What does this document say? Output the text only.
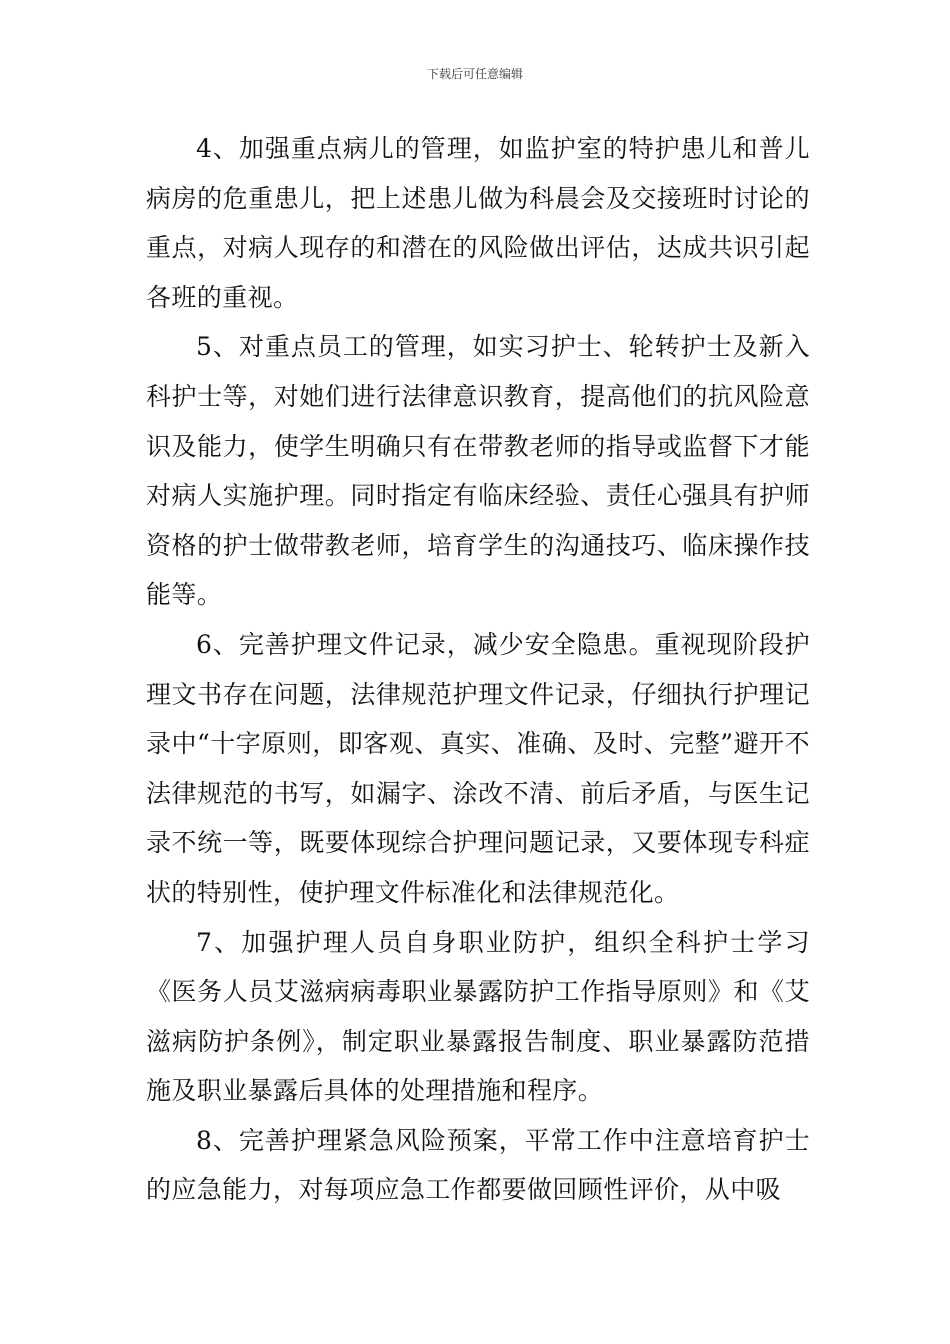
下载后可任意编辑

4、加强重点病儿的管理，如监护室的特护患儿和普儿病房的危重患儿，把上述患儿做为科晨会及交接班时讨论的重点，对病人现存的和潜在的风险做出评估，达成共识引起各班的重视。

5、对重点员工的管理，如实习护士、轮转护士及新入科护士等，对她们进行法律意识教育，提高他们的抗风险意识及能力，使学生明确只有在带教老师的指导或监督下才能对病人实施护理。同时指定有临床经验、责任心强具有护师资格的护士做带教老师，培育学生的沟通技巧、临床操作技能等。

6、完善护理文件记录，减少安全隐患。重视现阶段护理文书存在问题，法律规范护理文件记录，仔细执行护理记录中“十字原则，即客观、真实、准确、及时、完整”避开不法律规范的书写，如漏字、涂改不清、前后矛盾，与医生记录不统一等，既要体现综合护理问题记录，又要体现专科症状的特别性，使护理文件标准化和法律规范化。

7、加强护理人员自身职业防护，组织全科护士学习《医务人员艾滋病病毒职业暴露防护工作指导原则》和《艾滋病防护条例》，制定职业暴露报告制度、职业暴露防范措施及职业暴露后具体的处理措施和程序。

8、完善护理紧急风险预案，平常工作中注意培育护士的应急能力，对每项应急工作都要做回顾性评价，从中吸
